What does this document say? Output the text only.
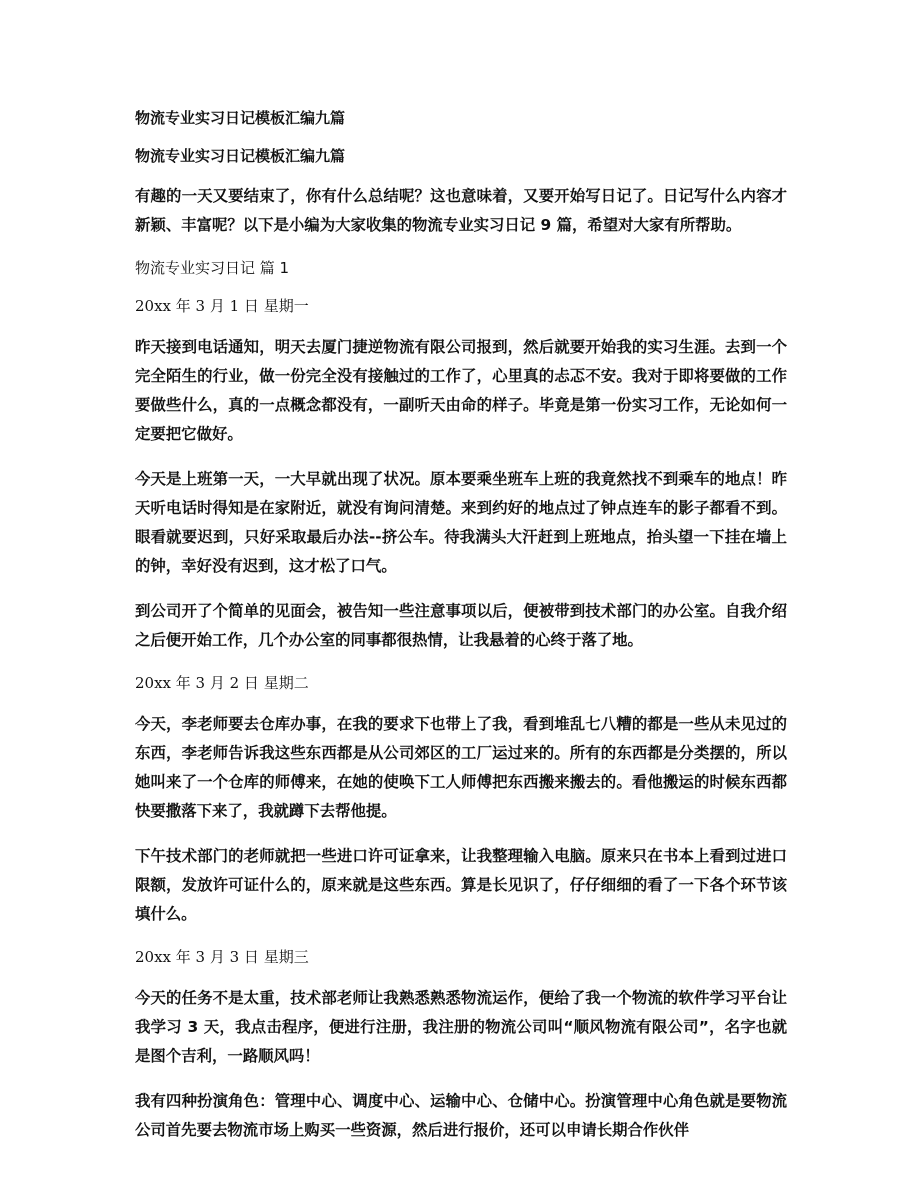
物流专业实习日记模板汇编九篇
物流专业实习日记模板汇编九篇
有趣的一天又要结束了，你有什么总结呢？这也意味着，又要开始写日记了。日记写什么内容才新颖、丰富呢？以下是小编为大家收集的物流专业实习日记 9 篇，希望对大家有所帮助。
物流专业实习日记 篇 1
20xx 年 3 月 1 日 星期一
昨天接到电话通知，明天去厦门捷逆物流有限公司报到，然后就要开始我的实习生涯。去到一个完全陌生的行业，做一份完全没有接触过的工作了，心里真的忐忑不安。我对于即将要做的工作要做些什么，真的一点概念都没有，一副听天由命的样子。毕竟是第一份实习工作，无论如何一定要把它做好。
今天是上班第一天，一大早就出现了状况。原本要乘坐班车上班的我竟然找不到乘车的地点！昨天听电话时得知是在家附近，就没有询问清楚。来到约好的地点过了钟点连车的影子都看不到。眼看就要迟到，只好采取最后办法--挤公车。待我满头大汗赶到上班地点，抬头望一下挂在墙上的钟，幸好没有迟到，这才松了口气。
到公司开了个简单的见面会，被告知一些注意事项以后，便被带到技术部门的办公室。自我介绍之后便开始工作，几个办公室的同事都很热情，让我悬着的心终于落了地。
20xx 年 3 月 2 日 星期二
今天，李老师要去仓库办事，在我的要求下也带上了我，看到堆乱七八糟的都是一些从未见过的东西，李老师告诉我这些东西都是从公司郊区的工厂运过来的。所有的东西都是分类摆的，所以她叫来了一个仓库的师傅来，在她的使唤下工人师傅把东西搬来搬去的。看他搬运的时候东西都快要撒落下来了，我就蹲下去帮他提。
下午技术部门的老师就把一些进口许可证拿来，让我整理输入电脑。原来只在书本上看到过进口限额，发放许可证什么的，原来就是这些东西。算是长见识了，仔仔细细的看了一下各个环节该填什么。
20xx 年 3 月 3 日 星期三
今天的任务不是太重，技术部老师让我熟悉熟悉物流运作，便给了我一个物流的软件学习平台让我学习 3 天，我点击程序，便进行注册，我注册的物流公司叫“顺风物流有限公司”，名字也就是图个吉利，一路顺风吗！
我有四种扮演角色：管理中心、调度中心、运输中心、仓储中心。扮演管理中心角色就是要物流公司首先要去物流市场上购买一些资源，然后进行报价，还可以申请长期合作伙伴
